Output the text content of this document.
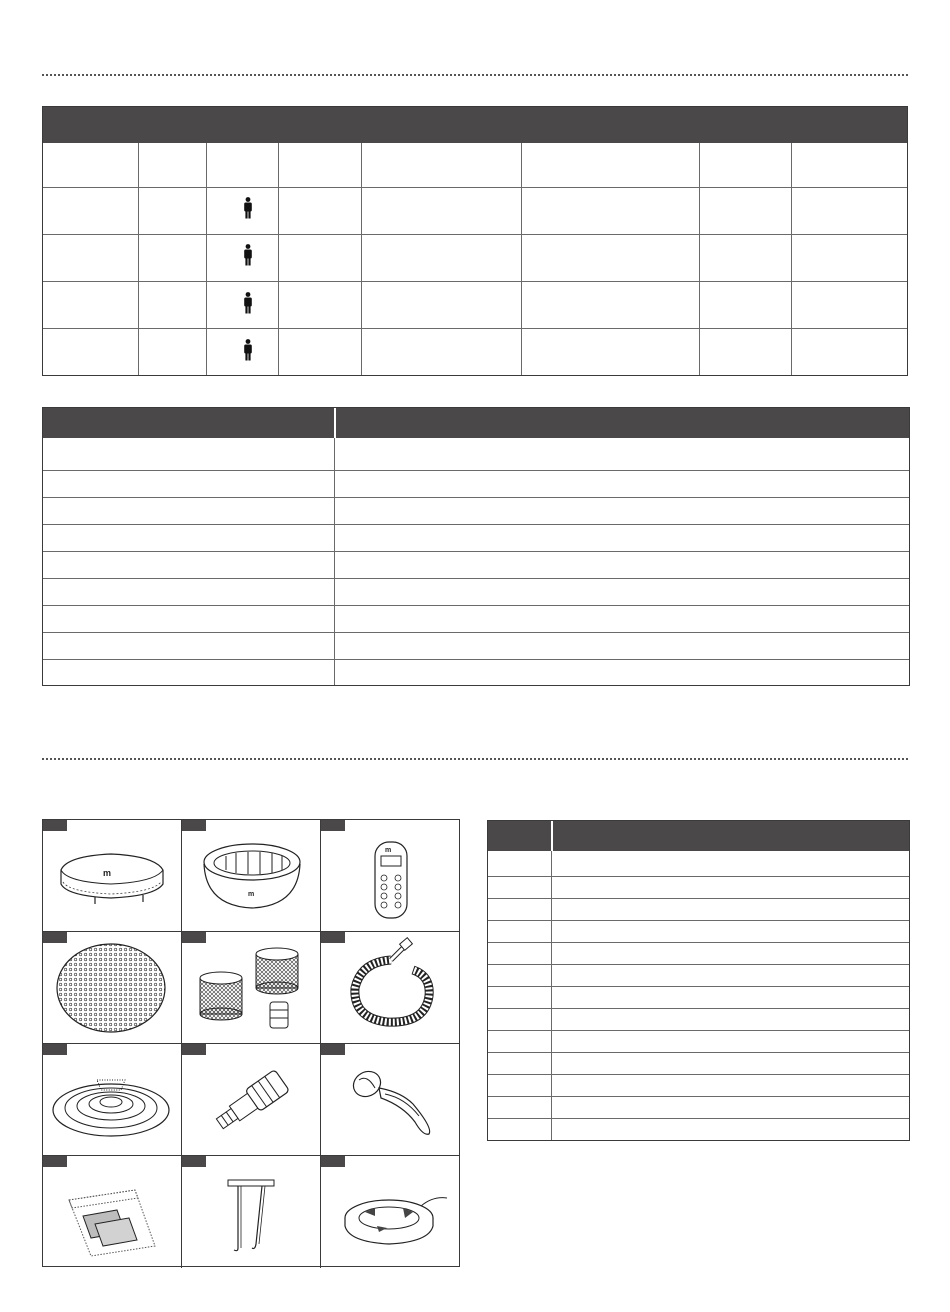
m
m
m
